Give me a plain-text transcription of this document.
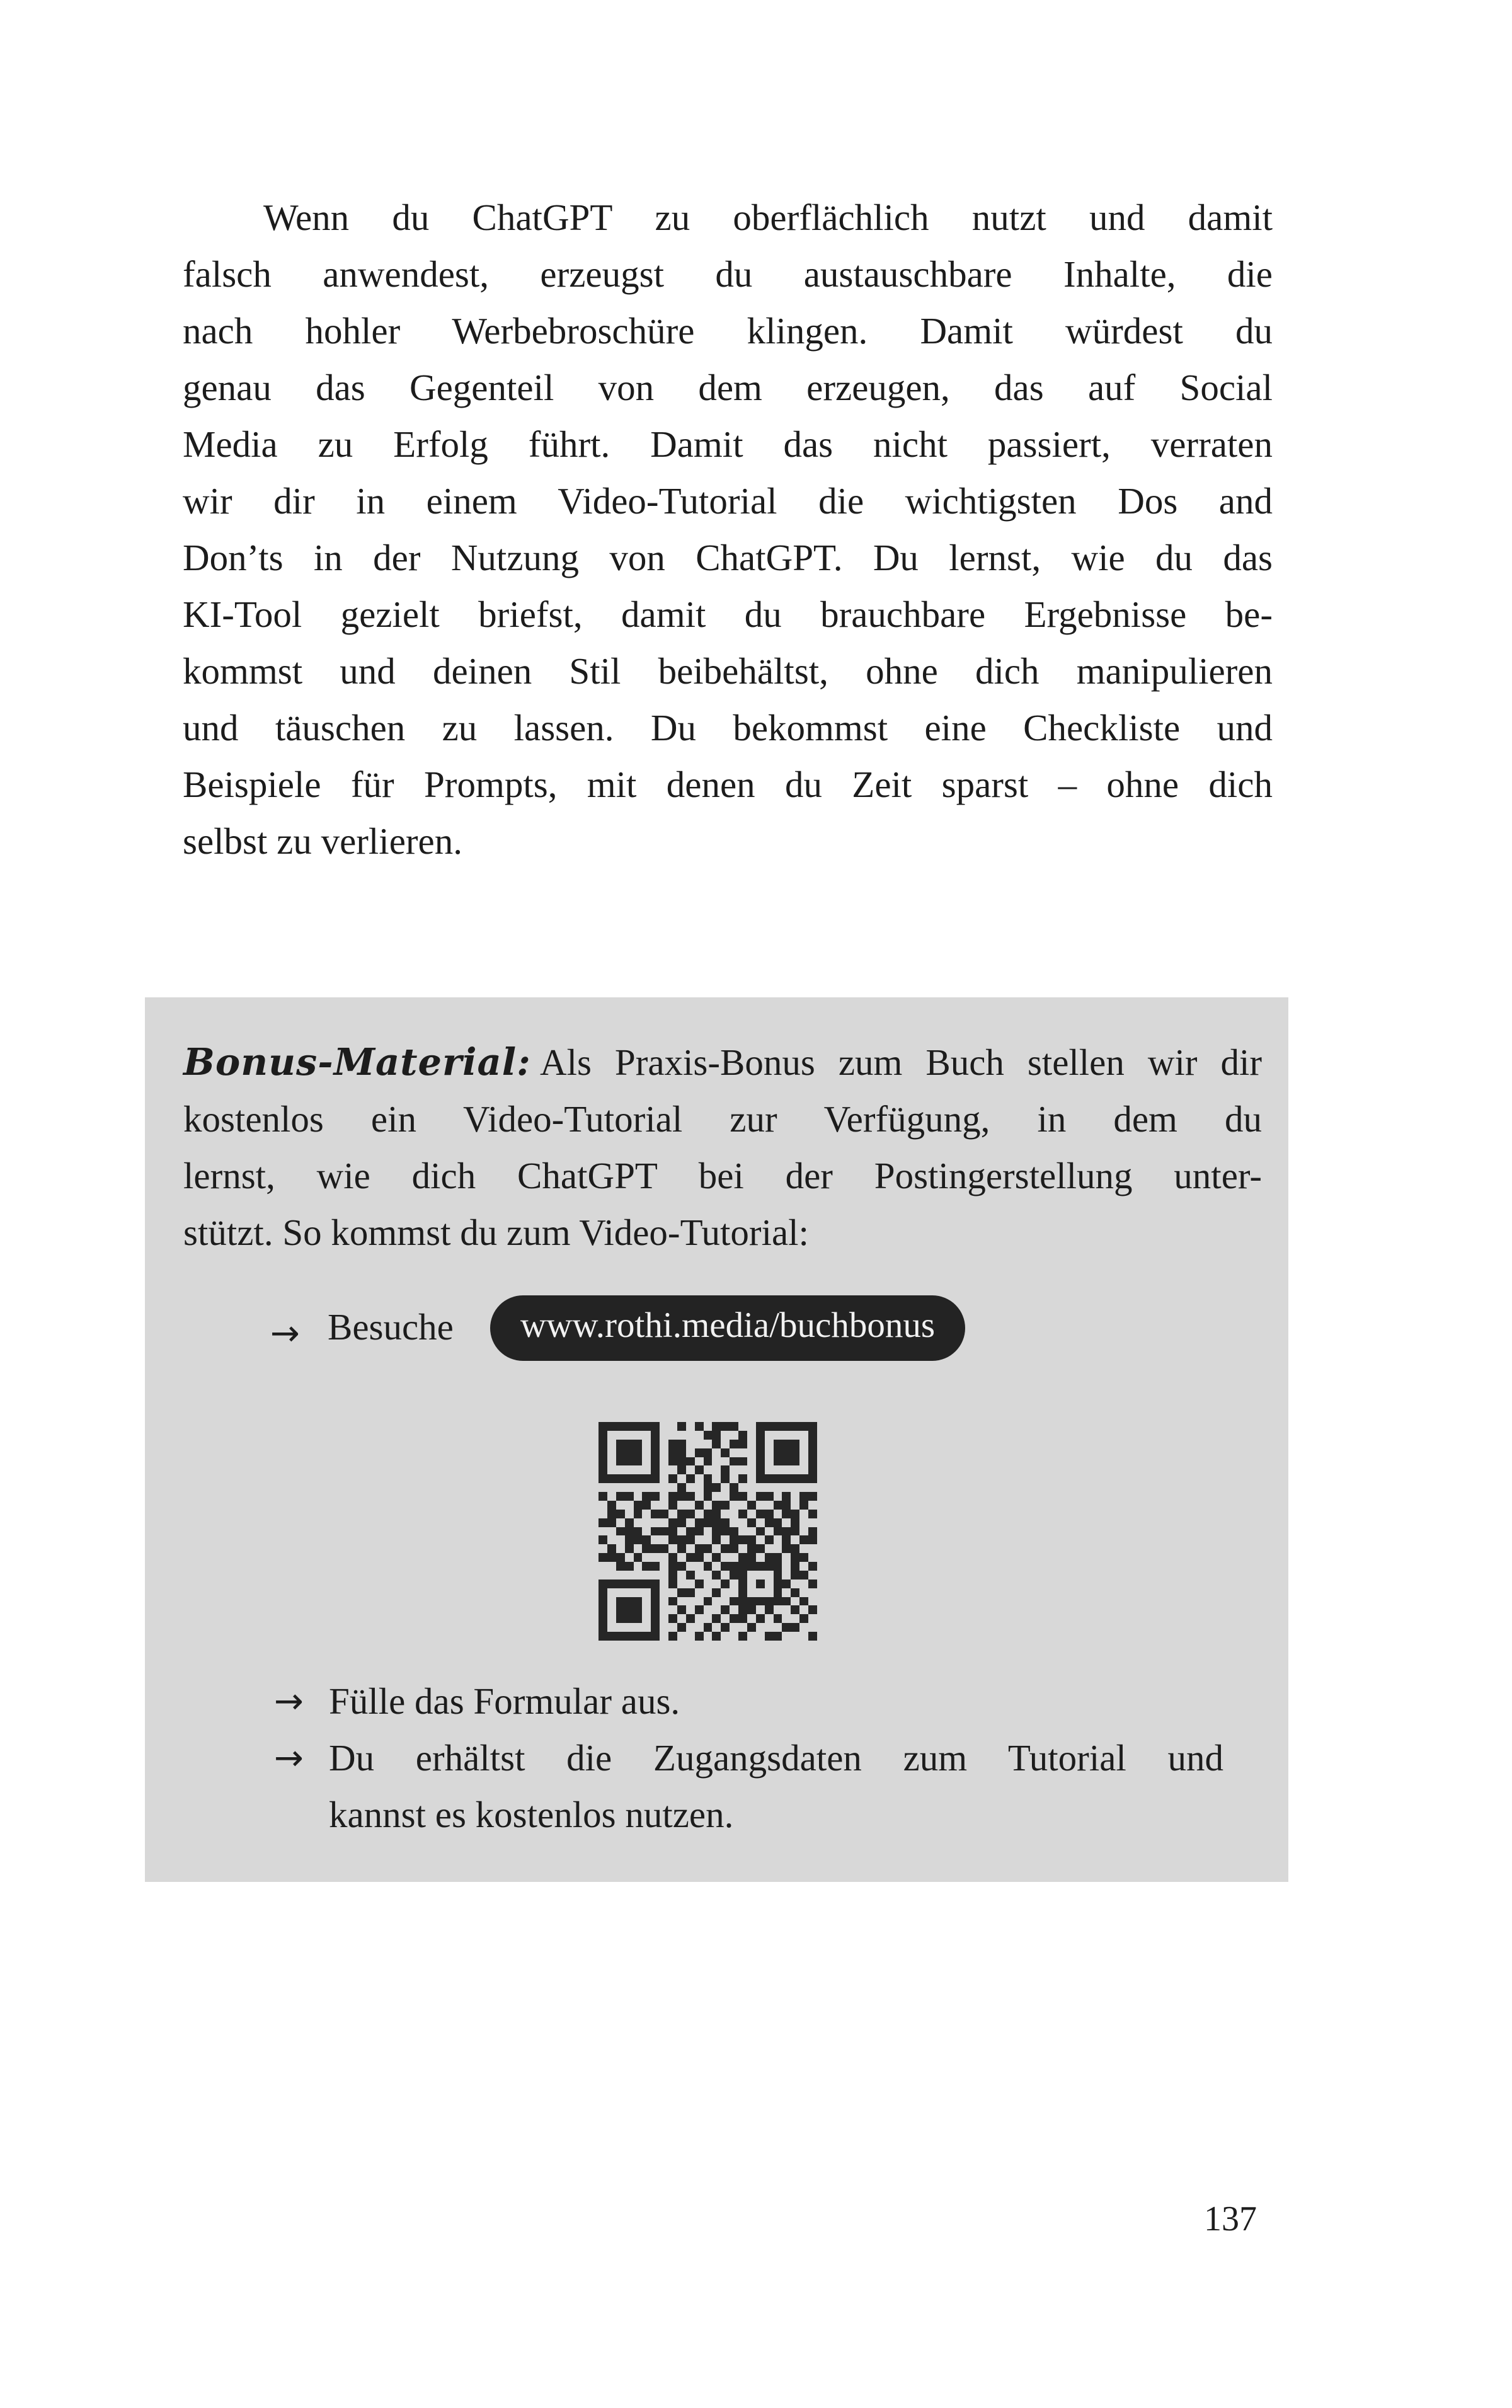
Wenn du ChatGPT zu oberflächlich nutzt und damit
falsch anwendest, erzeugst du austauschbare Inhalte, die
nach hohler Werbebroschüre klingen. Damit würdest du
genau das Gegenteil von dem erzeugen, das auf Social
Media zu Erfolg führt. Damit das nicht passiert, verraten
wir dir in einem Video-Tutorial die wichtigsten Dos and
Don’ts in der Nutzung von ChatGPT. Du lernst, wie du das
KI-Tool gezielt briefst, damit du brauchbare Ergebnisse be-
kommst und deinen Stil beibehältst, ohne dich manipulieren
und täuschen zu lassen. Du bekommst eine Checkliste und
Beispiele für Prompts, mit denen du Zeit sparst – ohne dich
selbst zu verlieren.
Bonus-Material: Als Praxis-Bonus zum Buch stellen wir dir
kostenlos ein Video-Tutorial zur Verfügung, in dem du
lernst, wie dich ChatGPT bei der Postingerstellung unter-
stützt. So kommst du zum Video-Tutorial:
→ Besuche	www.rothi.media/buchbonus
→ Fülle das Formular aus.
→ Du erhältst die Zugangsdaten zum Tutorial und
kannst es kostenlos nutzen.
137
